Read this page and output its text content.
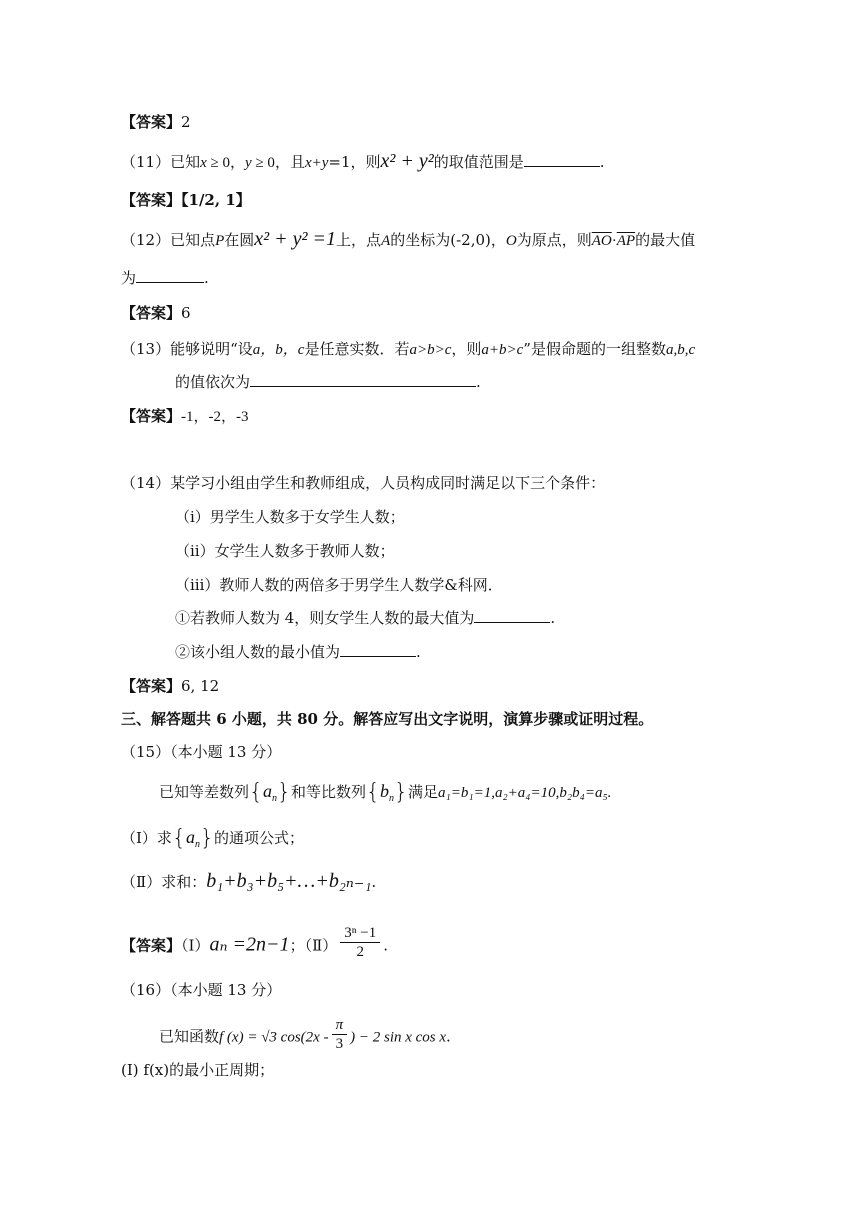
【答案】2
（11）已知x ≥ 0，y ≥ 0，且x+y=1，则x² + y²的取值范围是	.
【答案】【1/2, 1】
（12）已知点P在圆x² + y² =1上，点A的坐标为(-2,0)，O为原点，则$\overline{AO}\cdot\overline{AP}$的最大值
为	.
【答案】6
（13）能够说明“设a，b，c是任意实数．若a>b>c，则a+b>c”是假命题的一组整数a,b,c
的值依次为	.
【答案】-1，-2，-3
（14）某学习小组由学生和教师组成，人员构成同时满足以下三个条件：
（ⅰ）男学生人数多于女学生人数；
（ⅱ）女学生人数多于教师人数；
（ⅲ）教师人数的两倍多于男学生人数学&科网．
①若教师人数为 4，则女学生人数的最大值为	.
②该小组人数的最小值为	.
【答案】6, 12
三、解答题共 6 小题，共 80 分。解答应写出文字说明，演算步骤或证明过程。
（15）（本小题 13 分）
已知等差数列$\{a_n\}$和等比数列$\{b_n\}$满足a₁=b₁=1,a₂+a₄=10,b₂b₄=a₅.
（Ⅰ）求$\{a_n\}$的通项公式；
（Ⅱ）求和：b₁+b₃+b₅+…+b₂ₙ₋₁.
【答案】（Ⅰ）aₙ =2n−1；（Ⅱ） $\frac{\text{3ⁿ −1}}{2}$ .
（16）（本小题 13 分）
已知函数f (x) = √3 $\cos(2x - \frac{\pi}{3}$ ) − 2 sin x cos x.
(I) f(x)的最小正周期；
